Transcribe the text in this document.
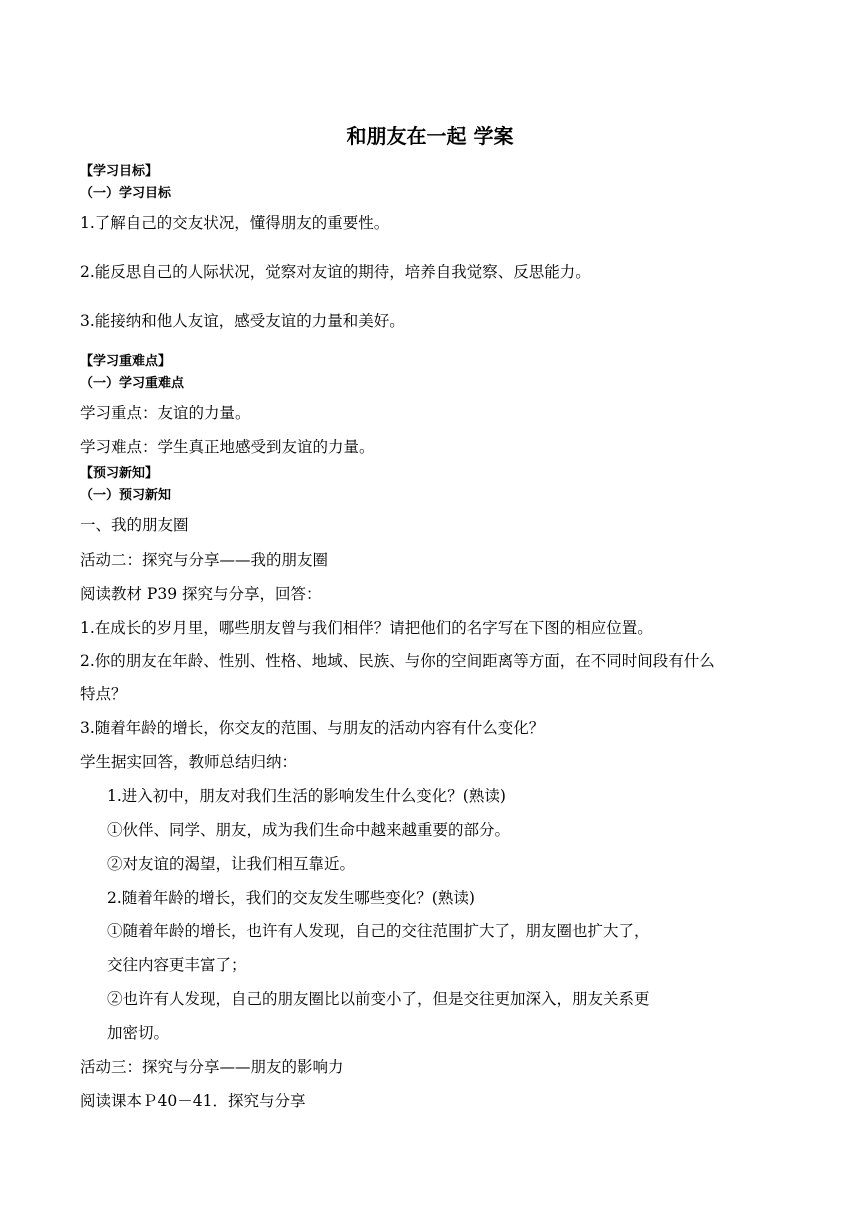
和朋友在一起 学案
【学习目标】
（一）学习目标
1.了解自己的交友状况，懂得朋友的重要性。
2.能反思自己的人际状况，觉察对友谊的期待，培养自我觉察、反思能力。
3.能接纳和他人友谊，感受友谊的力量和美好。
【学习重难点】
（一）学习重难点
学习重点：友谊的力量。
学习难点：学生真正地感受到友谊的力量。
【预习新知】
（一）预习新知
一、我的朋友圈
活动二：探究与分享——我的朋友圈
阅读教材 P39 探究与分享，回答：
1.在成长的岁月里，哪些朋友曾与我们相伴？请把他们的名字写在下图的相应位置。
2.你的朋友在年龄、性别、性格、地域、民族、与你的空间距离等方面，在不同时间段有什么
特点？
3.随着年龄的增长，你交友的范围、与朋友的活动内容有什么变化？
学生据实回答，教师总结归纳：
1.进入初中，朋友对我们生活的影响发生什么变化？(熟读)
①伙伴、同学、朋友，成为我们生命中越来越重要的部分。
②对友谊的渴望，让我们相互靠近。
2.随着年龄的增长，我们的交友发生哪些变化？(熟读)
①随着年龄的增长，也许有人发现，自己的交往范围扩大了，朋友圈也扩大了，
交往内容更丰富了；
②也许有人发现，自己的朋友圈比以前变小了，但是交往更加深入，朋友关系更
加密切。
活动三：探究与分享——朋友的影响力
阅读课本Ｐ40－41．探究与分享
